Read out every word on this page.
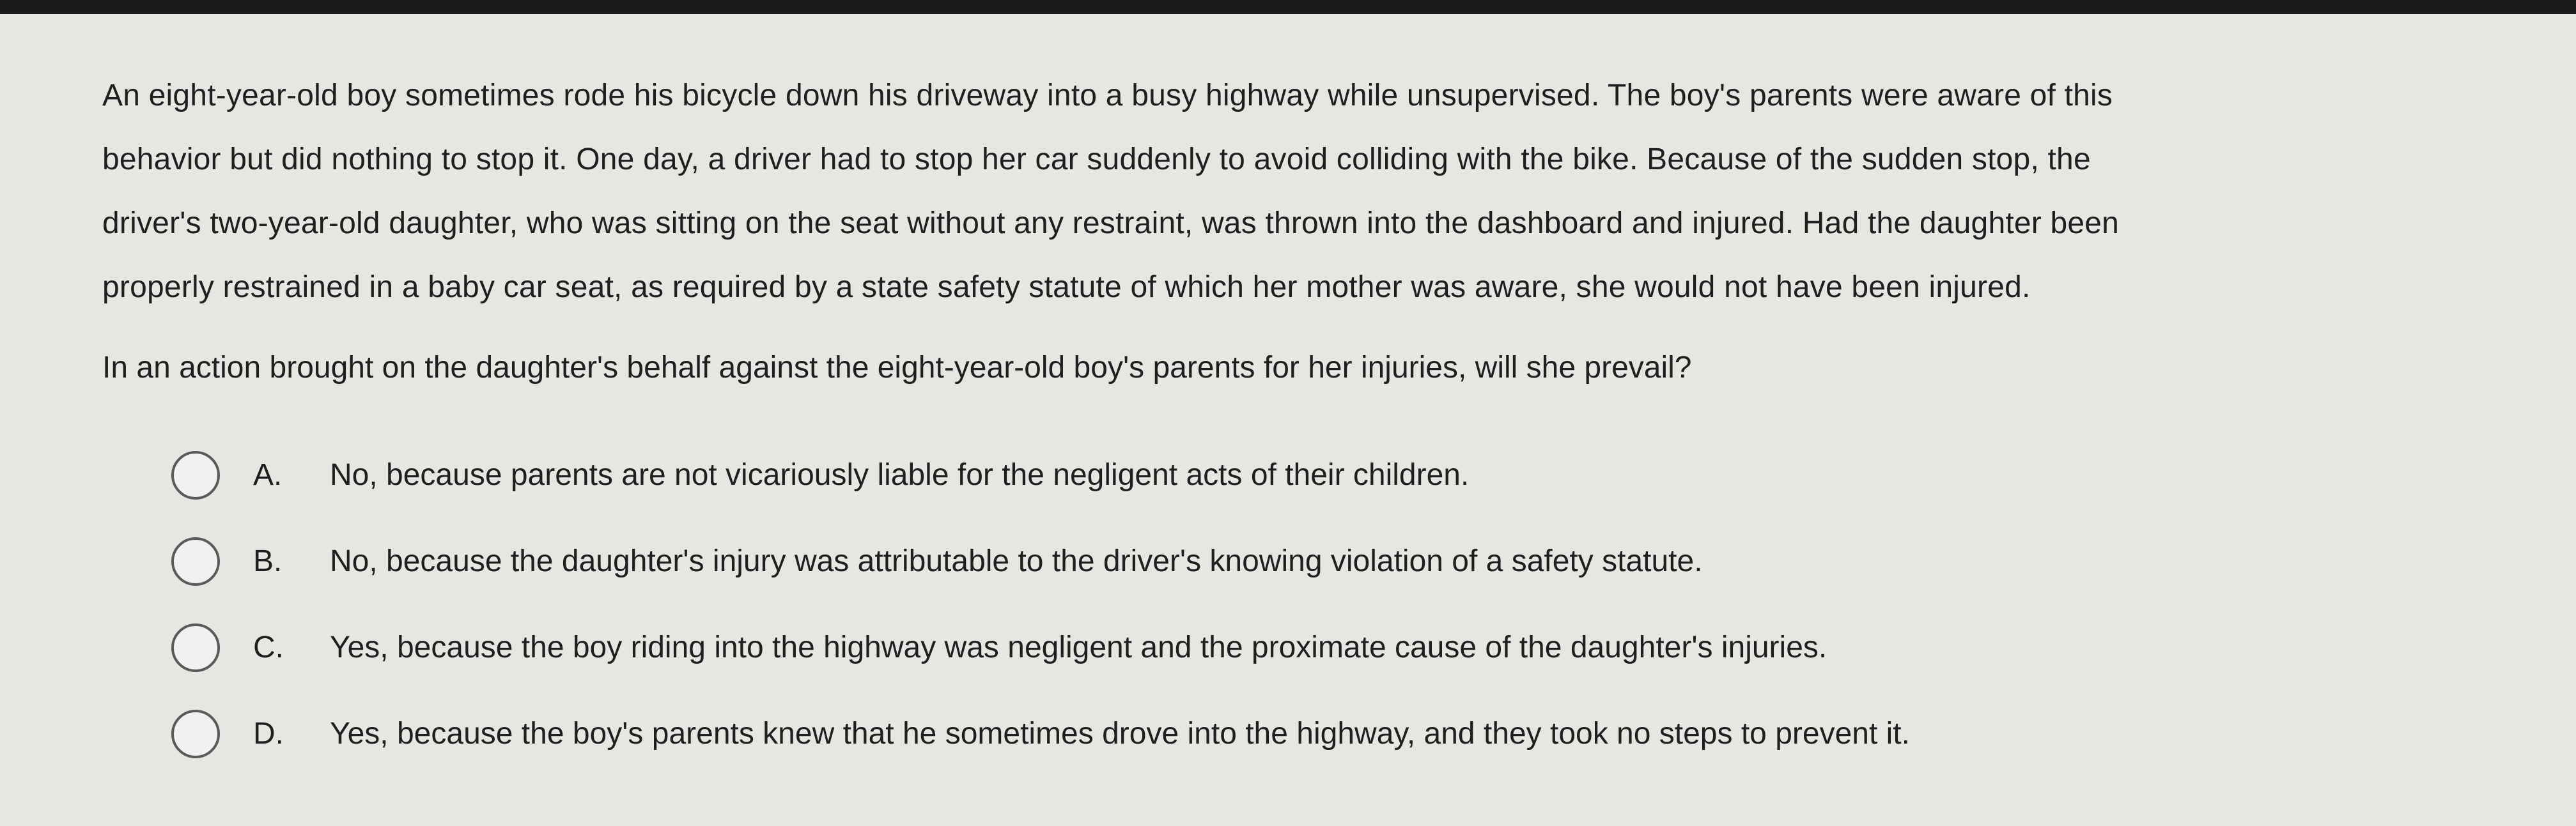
An eight-year-old boy sometimes rode his bicycle down his driveway into a busy highway while unsupervised. The boy's parents were aware of this
behavior but did nothing to stop it. One day, a driver had to stop her car suddenly to avoid colliding with the bike. Because of the sudden stop, the
driver's two-year-old daughter, who was sitting on the seat without any restraint, was thrown into the dashboard and injured. Had the daughter been
properly restrained in a baby car seat, as required by a state safety statute of which her mother was aware, she would not have been injured.
In an action brought on the daughter's behalf against the eight-year-old boy's parents for her injuries, will she prevail?
A.	No, because parents are not vicariously liable for the negligent acts of their children.
B.	No, because the daughter's injury was attributable to the driver's knowing violation of a safety statute.
C.	Yes, because the boy riding into the highway was negligent and the proximate cause of the daughter's injuries.
D.	Yes, because the boy's parents knew that he sometimes drove into the highway, and they took no steps to prevent it.
